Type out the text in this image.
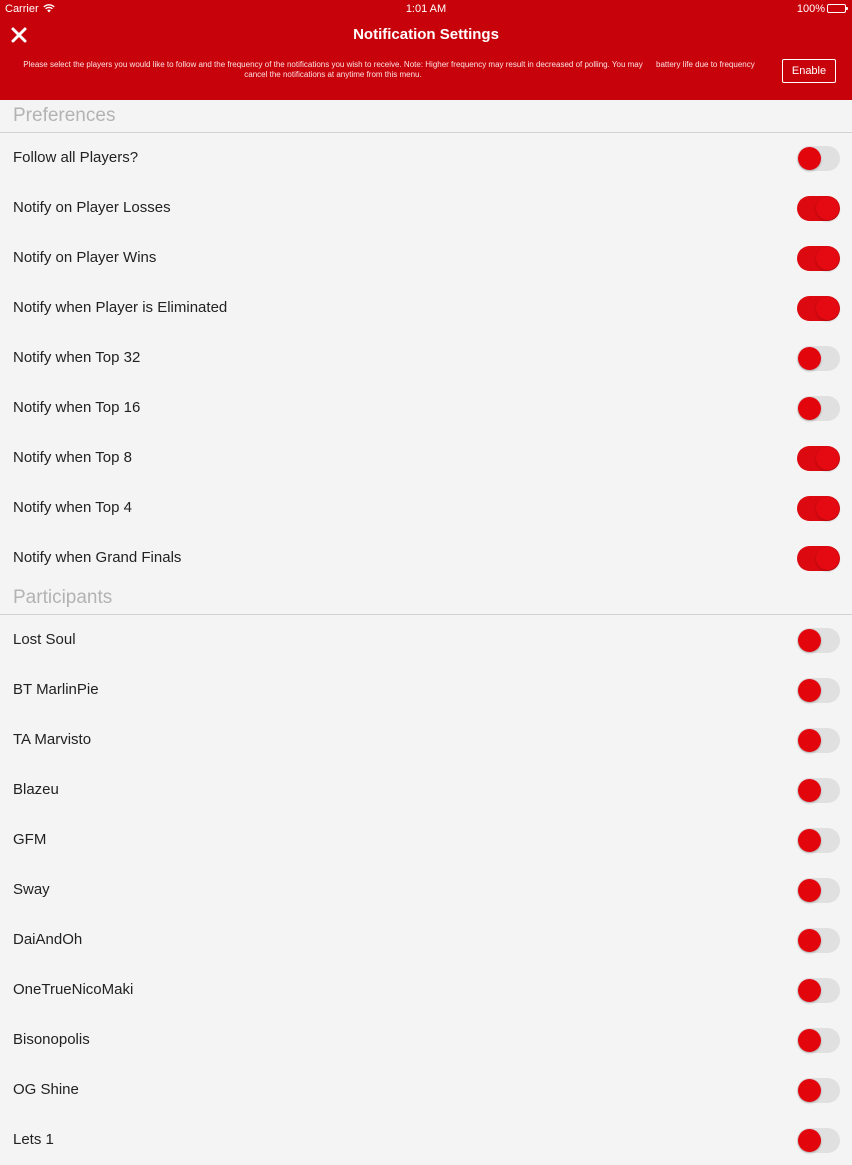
Carrier	1:01 AM	100%
Notification Settings
Please select the players you would like to follow and the frequency of the notifications you wish to receive. Note: Higher frequency may result in decreased of polling. You may cancel the notifications at anytime from this menu.
battery life due to frequency
Enable
Preferences
Follow all Players?
Notify on Player Losses
Notify on Player Wins
Notify when Player is Eliminated
Notify when Top 32
Notify when Top 16
Notify when Top 8
Notify when Top 4
Notify when Grand Finals
Participants
Lost Soul
BT MarlinPie
TA Marvisto
Blazeu
GFM
Sway
DaiAndOh
OneTrueNicoMaki
Bisonopolis
OG Shine
Lets 1
